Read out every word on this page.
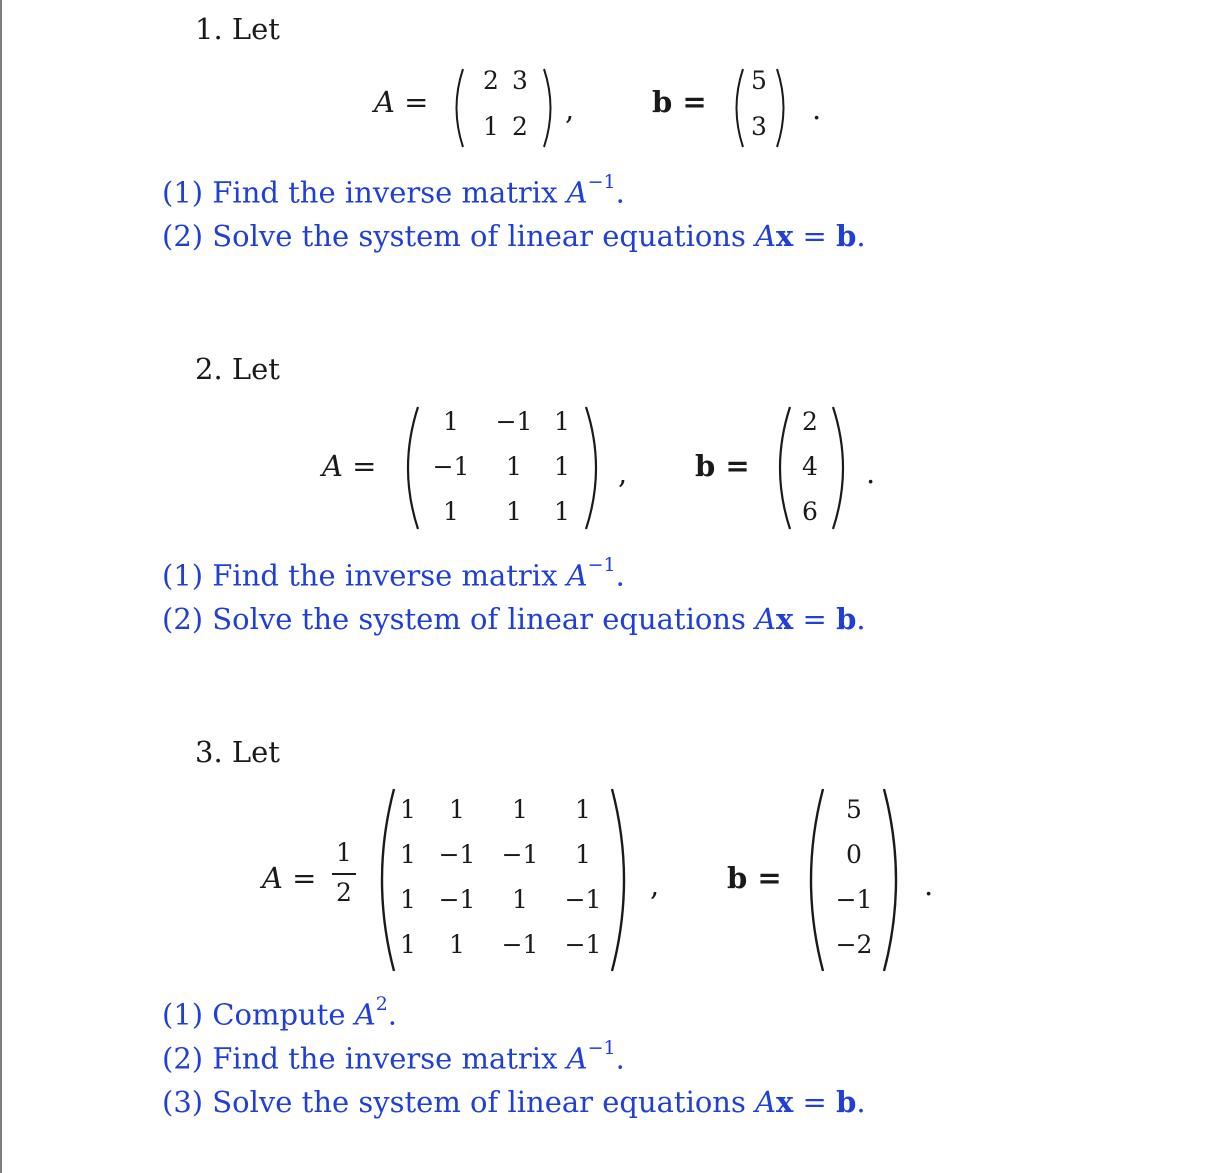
1. Let
A =
2 3
1 2
,	b =
5
3
.
(1) Find the inverse matrix $A^{-1}$.
(2) Solve the system of linear equations Ax = b.
2. Let
A =
1	−1 1
−1	1	1
1	1	1
, b =
2
4
6
.
(1) Find the inverse matrix $A^{-1}$.
(2) Solve the system of linear equations Ax = b.
3. Let
A =
1
2
1	1	1	1
1 −1	−1	1
1 −1	1	−1
1	1	−1	−1
, b =
5
0
−1
−2
.
(1) Compute $A^2$.
(2) Find the inverse matrix $A^{-1}$.
(3) Solve the system of linear equations Ax = b.
